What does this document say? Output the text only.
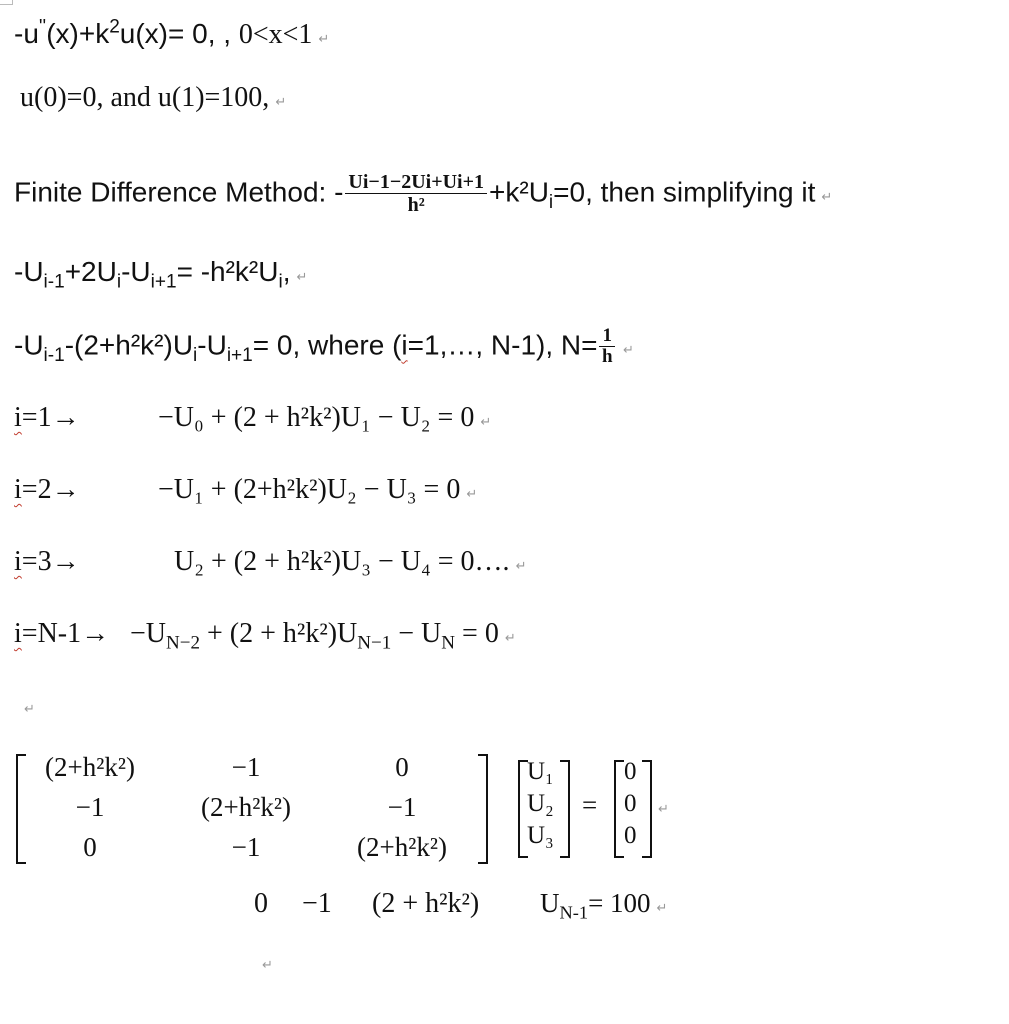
$-u''(x)+k^2u(x)= 0$, , 0<x<1 ↵
u(0)=0, and u(1)=100, ↵
Finite Difference Method: - $\frac{Ui-1-2Ui+Ui+1}{\text{h²}} +k^2U_i=0$, then simplifying it ↵
$-U_{i-1}+2U_i-U_{i+1}= -h^2k^2U_i$, ↵
$-U_{i-1}-(2+h^2k^2)U_i-U_{i+1}= 0$, where (i=1,…, N-1), $N= \frac{1}{h}$ ↵
i=1→	−U₀ + (2 + h²k²)U₁ − U₂ = 0 ↵
i=2→	−U₁ + (2+h²k²)U₂ − U₃ = 0 ↵
i=3→	U₂ + (2 + h²k²)U₃ − U₄ = 0…. ↵
$i=N-1\to -U_{N-2} + (2 + h^2k^2)U_{N-1} - U_N = 0$ ↵
↵
(2+h²k²)	−1	0
−1	(2+h²k²)	−1
0	−1	(2+h²k²)
U₁
U₂
U₃
=
0
0
0
↵
0 −1 (2 + h²k²) $U_{N-1}= 100$ ↵
↵
